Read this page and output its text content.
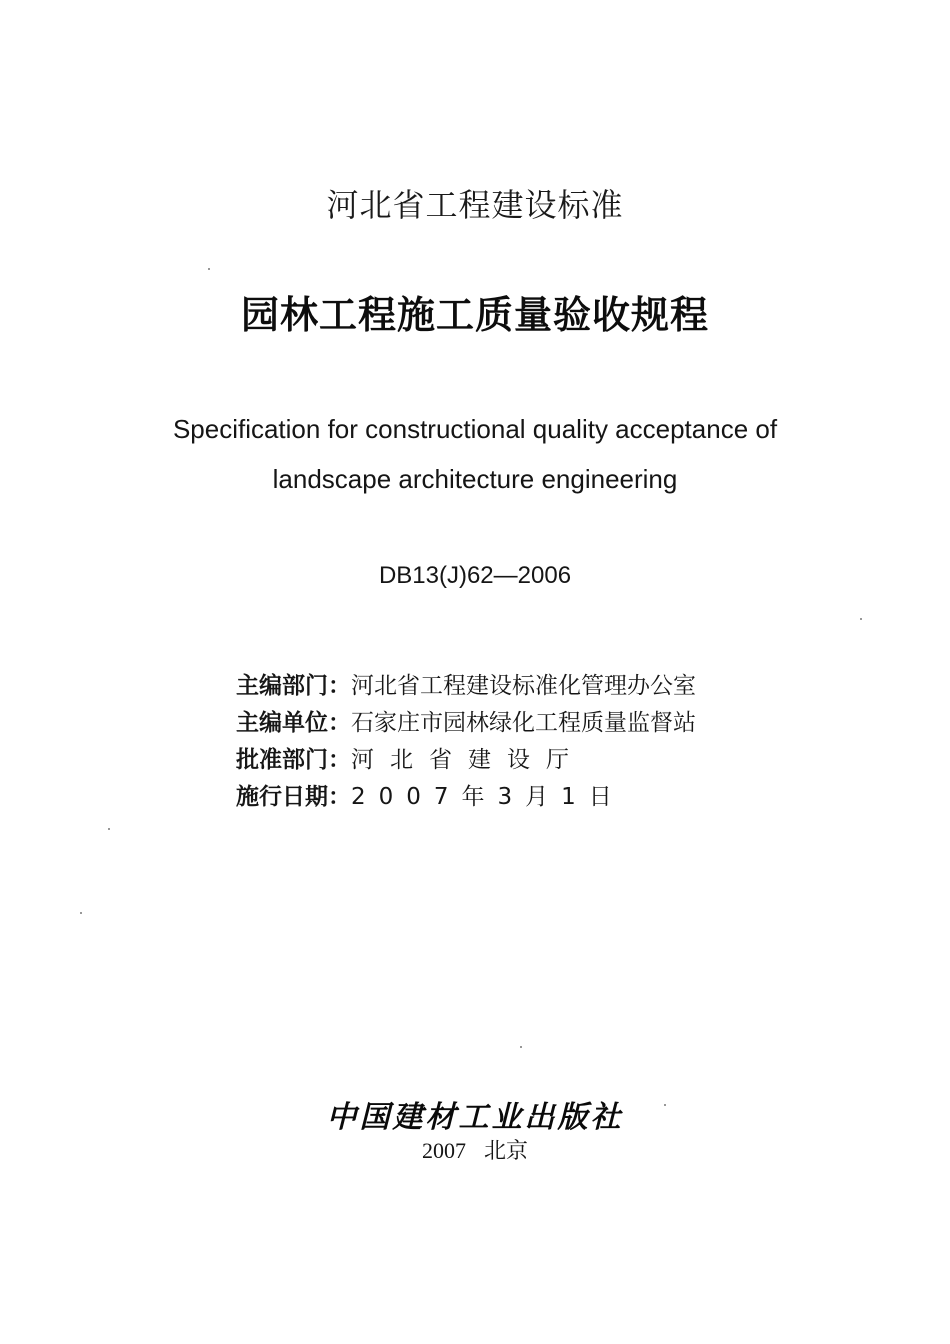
河北省工程建设标准
园林工程施工质量验收规程
Specification for constructional quality acceptance of
landscape architecture engineering
DB13(J)62—2006
主编部门：河北省工程建设标准化管理办公室
主编单位：石家庄市园林绿化工程质量监督站
批准部门：河北省建设厅
施行日期：2007年3月1日
中国建材工业出版社
2007 北京
